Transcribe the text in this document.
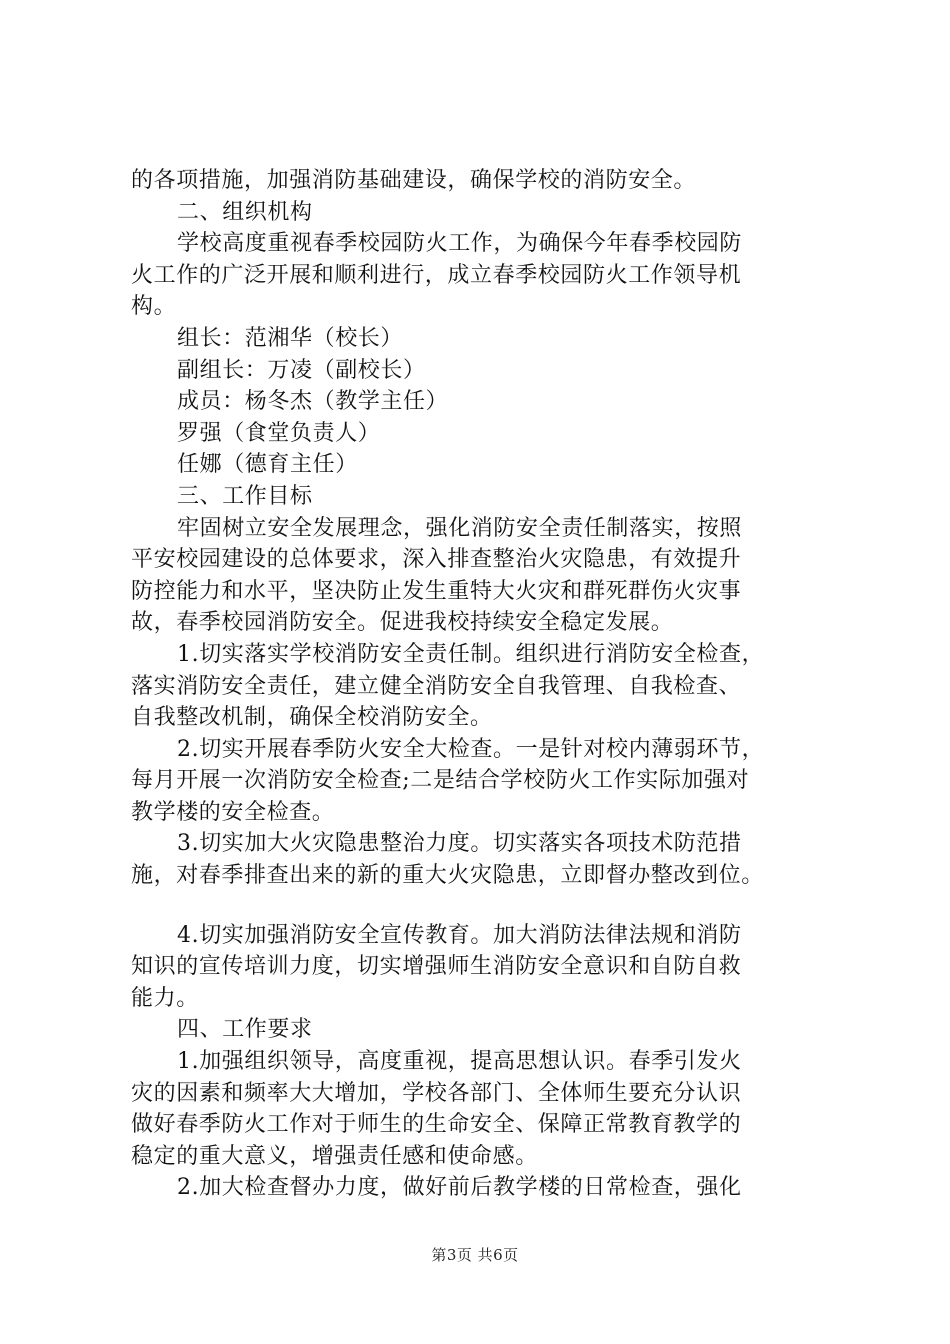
的各项措施，加强消防基础建设，确保学校的消防安全。
二、组织机构
学校高度重视春季校园防火工作，为确保今年春季校园防
火工作的广泛开展和顺利进行，成立春季校园防火工作领导机
构。
组长：范湘华（校长）
副组长：万凌（副校长）
成员：杨冬杰（教学主任）
罗强（食堂负责人）
任娜（德育主任）
三、工作目标
牢固树立安全发展理念，强化消防安全责任制落实，按照
平安校园建设的总体要求，深入排查整治火灾隐患，有效提升
防控能力和水平，坚决防止发生重特大火灾和群死群伤火灾事
故，春季校园消防安全。促进我校持续安全稳定发展。
1.切实落实学校消防安全责任制。组织进行消防安全检查，
落实消防安全责任，建立健全消防安全自我管理、自我检查、
自我整改机制，确保全校消防安全。
2.切实开展春季防火安全大检查。一是针对校内薄弱环节，
每月开展一次消防安全检查;二是结合学校防火工作实际加强对
教学楼的安全检查。
3.切实加大火灾隐患整治力度。切实落实各项技术防范措
施，对春季排查出来的新的重大火灾隐患，立即督办整改到位。
4.切实加强消防安全宣传教育。加大消防法律法规和消防
知识的宣传培训力度，切实增强师生消防安全意识和自防自救
能力。
四、工作要求
1.加强组织领导，高度重视，提高思想认识。春季引发火
灾的因素和频率大大增加，学校各部门、全体师生要充分认识
做好春季防火工作对于师生的生命安全、保障正常教育教学的
稳定的重大意义，增强责任感和使命感。
2.加大检查督办力度，做好前后教学楼的日常检查，强化
第3页 共6页
